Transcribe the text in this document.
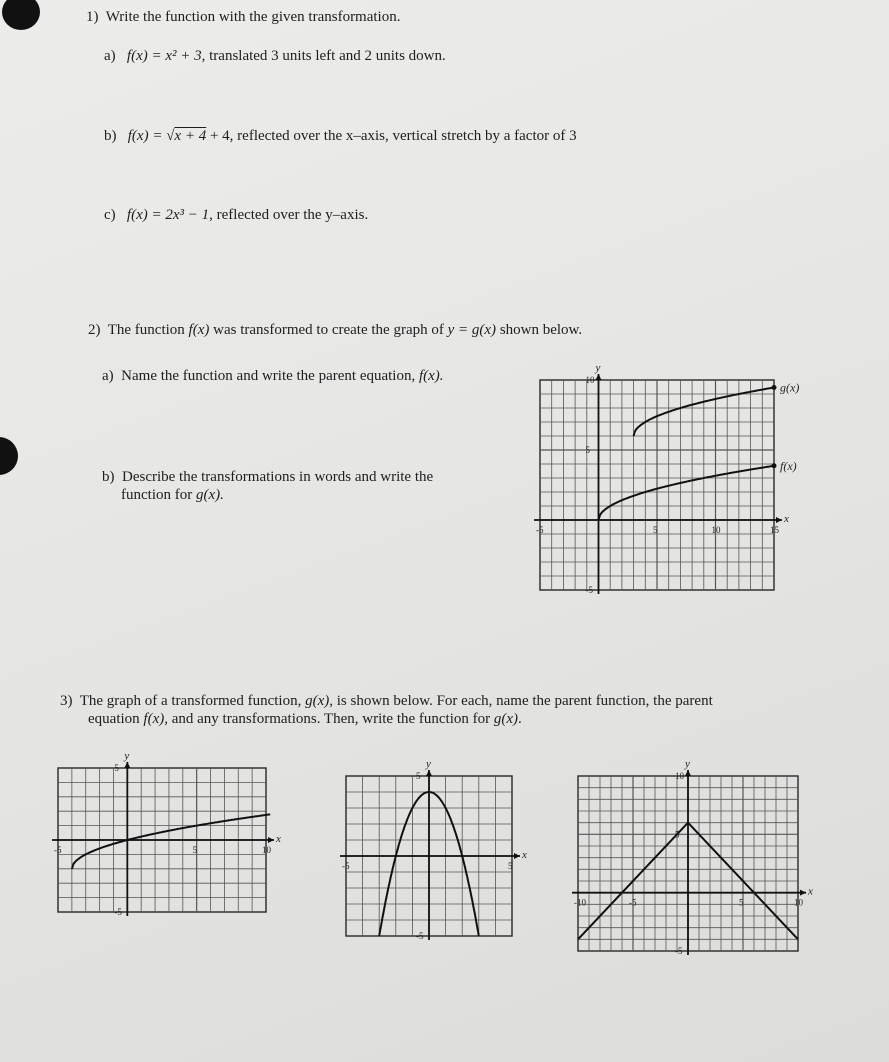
1) Write the function with the given transformation.
a) f(x) = x² + 3, translated 3 units left and 2 units down.
b) f(x) = √x + 4 + 4, reflected over the x–axis, vertical stretch by a factor of 3
c) f(x) = 2x³ − 1, reflected over the y–axis.
2) The function f(x) was transformed to create the graph of y = g(x) shown below.
a) Name the function and write the parent equation, f(x).
b) Describe the transformations in words and write the
function for g(x).
3) The graph of a transformed function, g(x), is shown below. For each, name the parent function, the parent
equation f(x), and any transformations. Then, write the function for g(x).
x
y
-5	5	10	15
10
5
-5
f(x)
g(x)
x
y
-5	5	10
5
-5
x
y
-5	5
5
-5
x
y
-10	-5	5	10
10
5
-5
